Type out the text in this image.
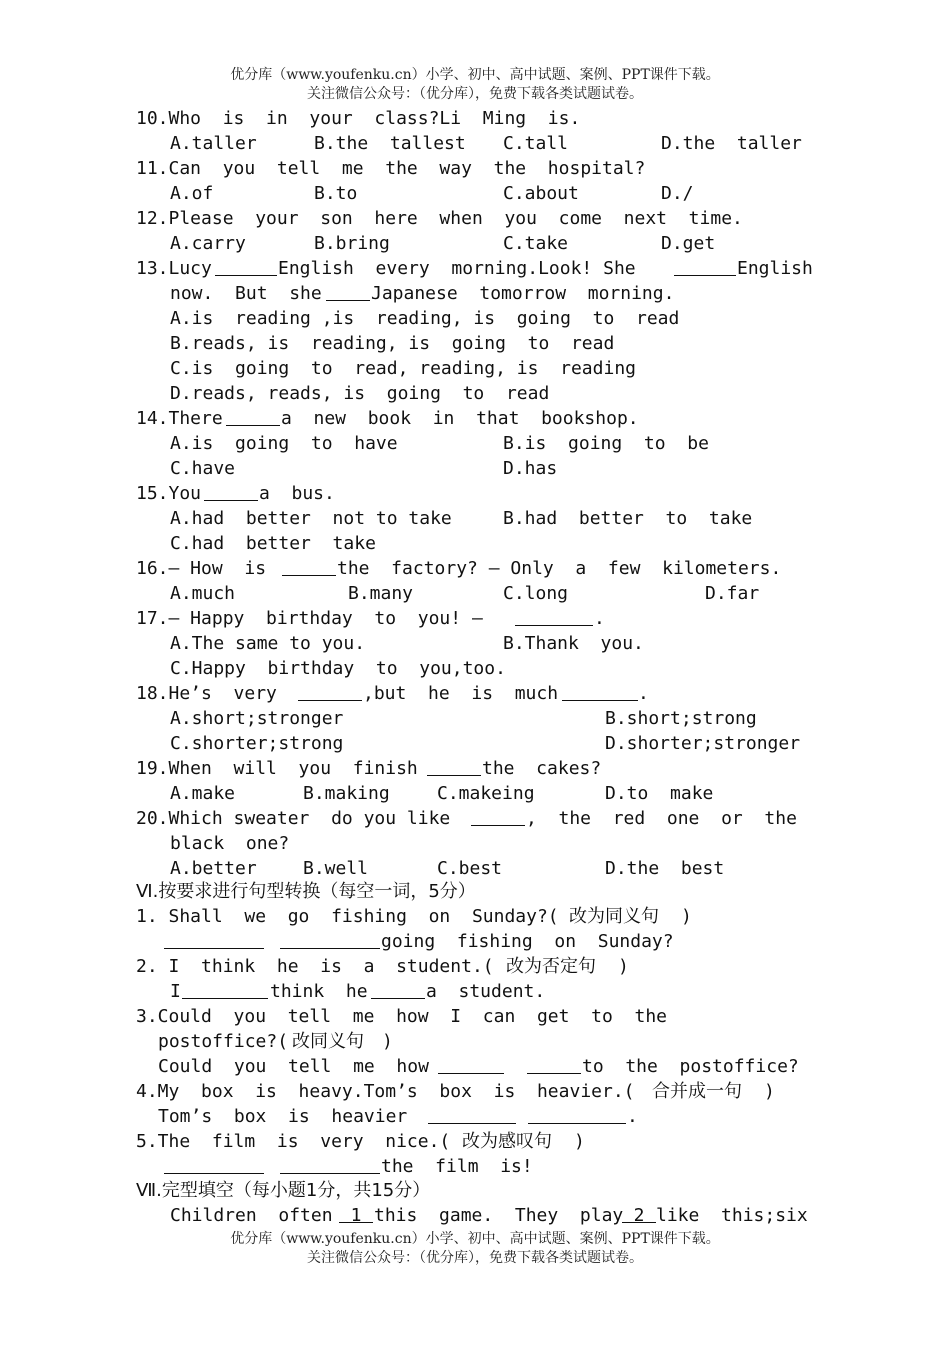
优分库（www.youfenku.cn）小学、初中、高中试题、案例、PPT课件下载。
关注微信公众号：（优分库），免费下载各类试题试卷。
10.Who  is  in  your  class?Li  Ming  is.

A.taller

	B.the  tallest

C.tall

	D.the  taller

11.Can  you  tell  me  the  way  the  hospital?

A.of

	B.to

	C.about

	D./

12.Please  your  son  here  when  you  come  next  time.

A.carry

	B.bring

	C.take

	D.get

13.Lucy

	English  every  morning.Look! She

	English

now.  But  she

	Japanese  tomorrow  morning.

A.is  reading ,is  reading, is  going  to  read
B.reads, is  reading, is  going  to  read
C.is  going  to  read, reading, is  reading
D.reads, reads, is  going  to  read

14.There

	a  new  book  in  that  bookshop.

A.is  going  to  have

	B.is  going  to  be

C.have

	D.has

15.You

	a  bus.

A.had  better  not to take

	B.had  better  to  take

C.had  better  take

16.— How  is

	the  factory? — Only  a  few  kilometers.

A.much

	B.many

	C.long

	D.far

17.— Happy  birthday  to  you! —

	.

A.The same to you.

	B.Thank  you.

C.Happy  birthday  to  you,too.

18.He’s  very

	,but  he  is  much

	.

A.short;stronger

	B.short;strong

C.shorter;strong

	D.shorter;stronger

19.When  will  you  finish

	the  cakes?

A.make

	B.making

	C.makeing

	D.to  make

20.Which sweater  do you like

	,  the  red  one  or  the

black  one?

A.better

	B.well

	C.best

	D.the  best

Ⅵ.按要求进行句型转换（每空一词，5分）

1. Shall  we  go  fishing  on  Sunday?(

改为同义句

)

going  fishing  on  Sunday?

2. I  think  he  is  a  student.(

改为否定句

)

I

	think  he

	a  student.

3.Could  you  tell  me  how  I  can  get  to  the

postoffice?(

改同义句

)

Could  you  tell  me  how

	to  the  postoffice?

4.My  box  is  heavy.Tom’s  box  is  heavier.(

合并成一句

)

Tom’s  box  is  heavier

	.

5.The  film  is  very  nice.(

改为感叹句

)

the  film  is!

Ⅶ.完型填空（每小题1分，共15分）

Children  often

	1

this  game.  They  play

2

like  this;six

优分库（www.youfenku.cn）小学、初中、高中试题、案例、PPT课件下载。
关注微信公众号：（优分库），免费下载各类试题试卷。
